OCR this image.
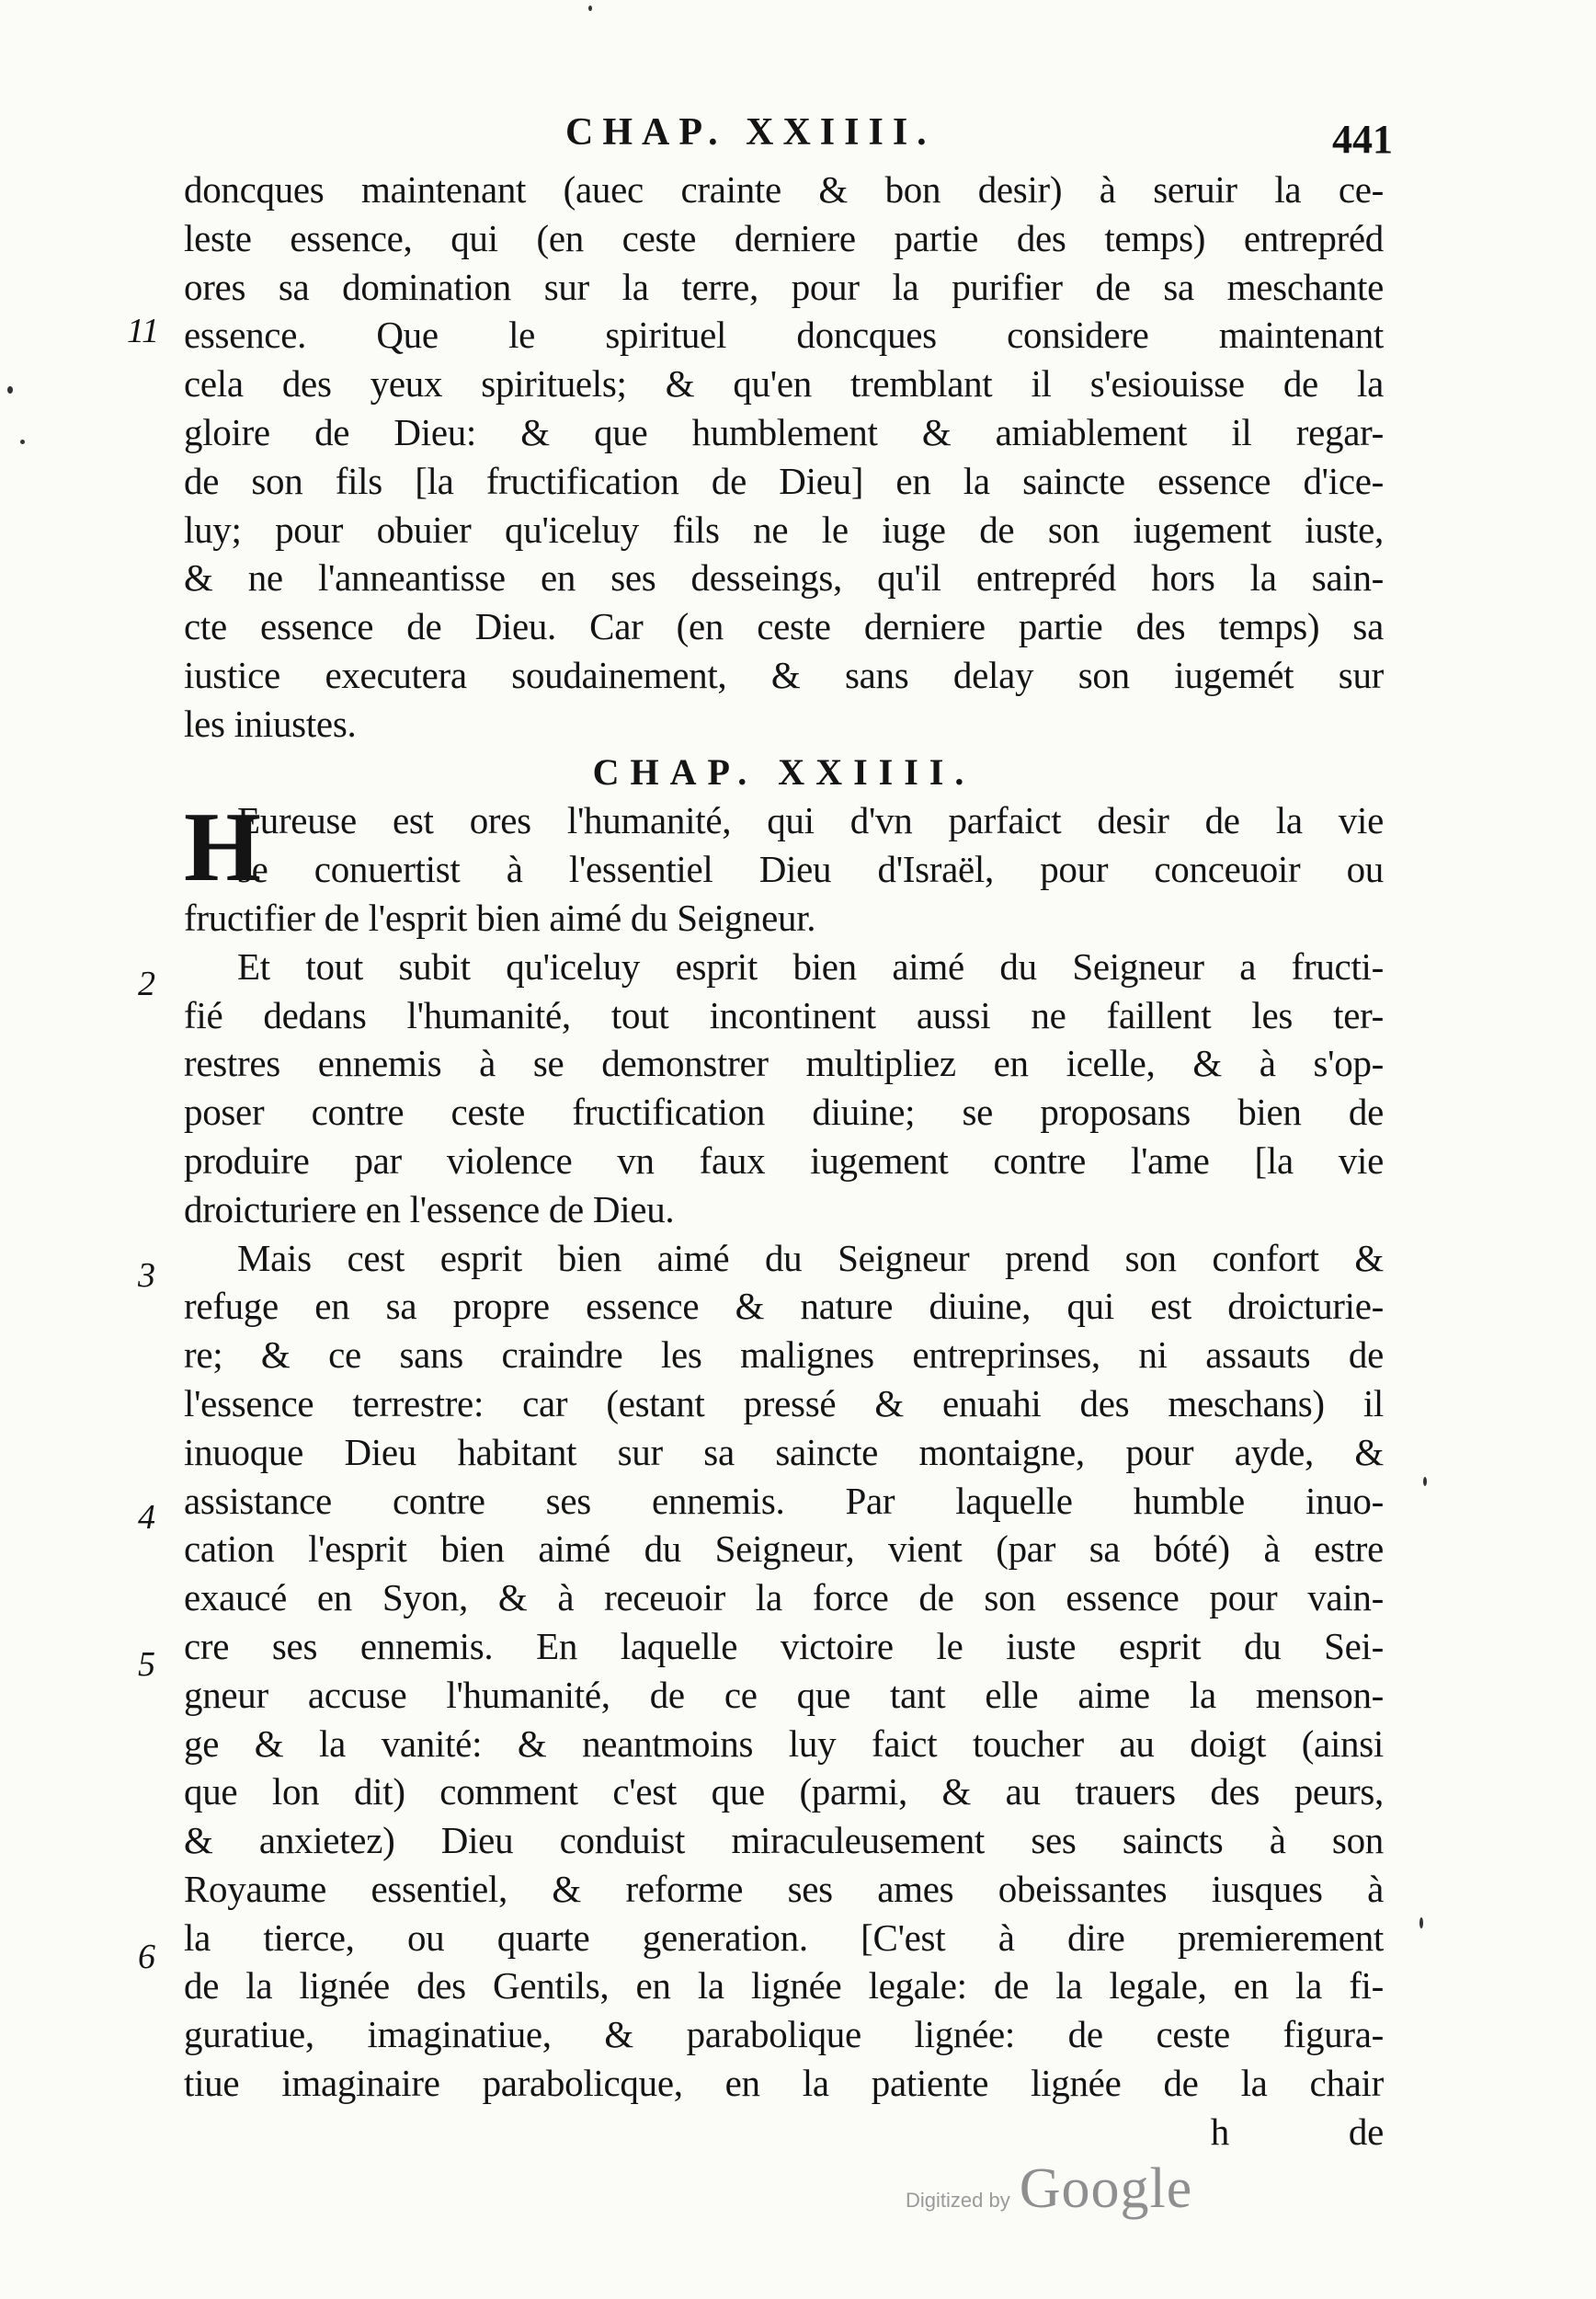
CHAP. XXIIII.	441
11
2
3
4
5
6
doncques maintenant (auec crainte & bon desir) à seruir la ce-
leste essence, qui (en ceste derniere partie des temps) entrepréd
ores sa domination sur la terre, pour la purifier de sa meschante
essence. Que le spirituel doncques considere maintenant
cela des yeux spirituels; & qu'en tremblant il s'esiouisse de la
gloire de Dieu: & que humblement & amiablement il regar-
de son fils [la fructification de Dieu] en la saincte essence d'ice-
luy; pour obuier qu'iceluy fils ne le iuge de son iugement iuste,
& ne l'anneantisse en ses desseings, qu'il entrepréd hors la sain-
cte essence de Dieu. Car (en ceste derniere partie des temps) sa
iustice executera soudainement, & sans delay son iugemét sur
les iniustes.
CHAP. XXIIII.
H
Eureuse est ores l'humanité, qui d'vn parfaict desir de la vie
se conuertist à l'essentiel Dieu d'Israël, pour conceuoir ou
fructifier de l'esprit bien aimé du Seigneur.
Et tout subit qu'iceluy esprit bien aimé du Seigneur a fructi-
fié dedans l'humanité, tout incontinent aussi ne faillent les ter-
restres ennemis à se demonstrer multipliez en icelle, & à s'op-
poser contre ceste fructification diuine; se proposans bien de
produire par violence vn faux iugement contre l'ame [la vie
droicturiere en l'essence de Dieu.
Mais cest esprit bien aimé du Seigneur prend son confort &
refuge en sa propre essence & nature diuine, qui est droicturie-
re; & ce sans craindre les malignes entreprinses, ni assauts de
l'essence terrestre: car (estant pressé & enuahi des meschans) il
inuoque Dieu habitant sur sa saincte montaigne, pour ayde, &
assistance contre ses ennemis. Par laquelle humble inuo-
cation l'esprit bien aimé du Seigneur, vient (par sa bóté) à estre
exaucé en Syon, & à receuoir la force de son essence pour vain-
cre ses ennemis. En laquelle victoire le iuste esprit du Sei-
gneur accuse l'humanité, de ce que tant elle aime la menson-
ge & la vanité: & neantmoins luy faict toucher au doigt (ainsi
que lon dit) comment c'est que (parmi, & au trauers des peurs,
& anxietez) Dieu conduist miraculeusement ses saincts à son
Royaume essentiel, & reforme ses ames obeissantes iusques à
la tierce, ou quarte generation. [C'est à dire premierement
de la lignée des Gentils, en la lignée legale: de la legale, en la fi-
guratiue, imaginatiue, & parabolique lignée: de ceste figura-
tiue imaginaire parabolicque, en la patiente lignée de la chair
h de
Digitized by Google
